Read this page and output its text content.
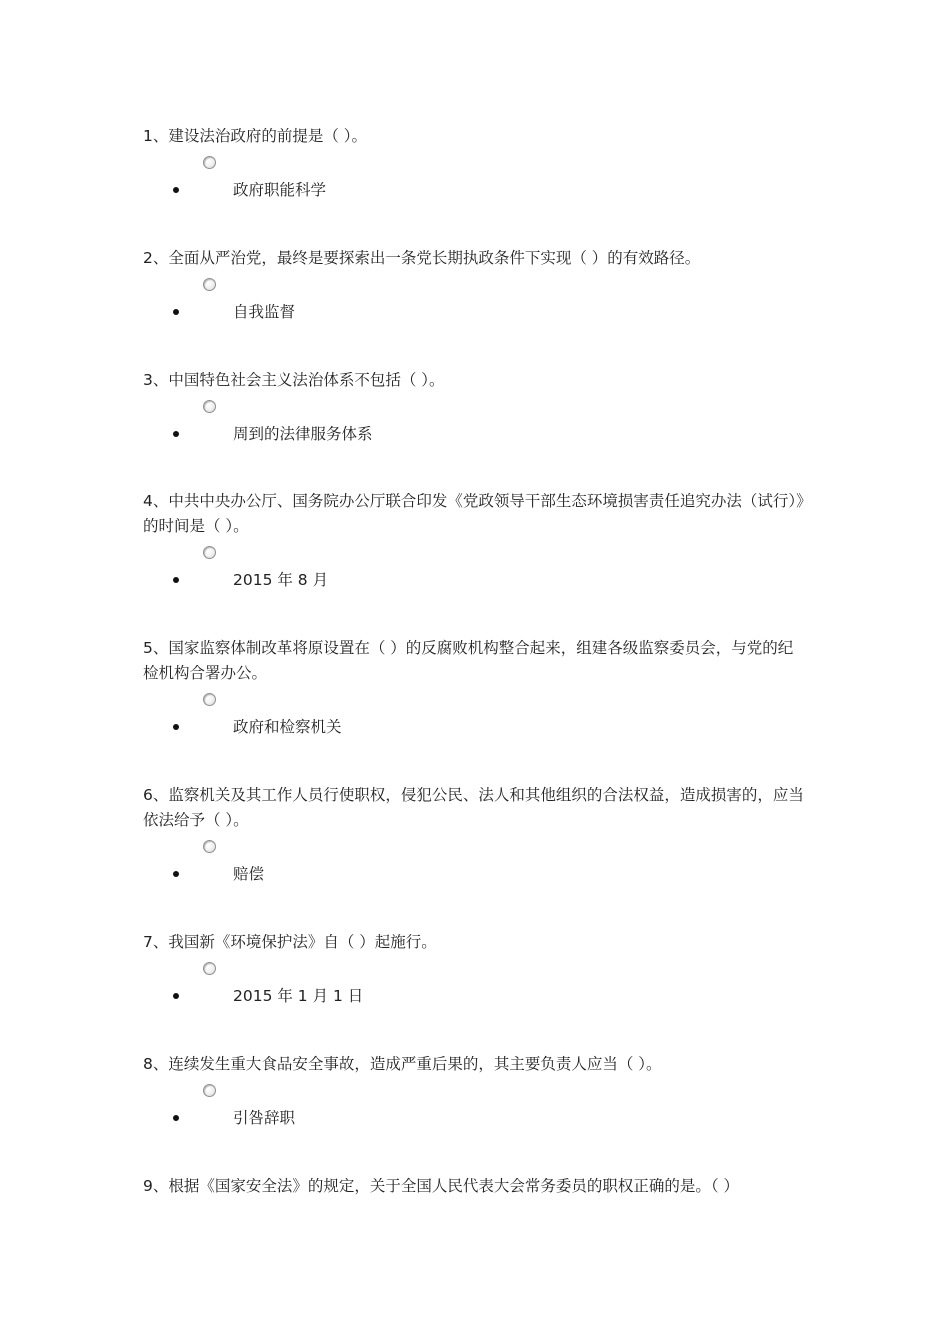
1、建设法治政府的前提是（ ）。

政府职能科学

2、全面从严治党，最终是要探索出一条党长期执政条件下实现（ ）的有效路径。

自我监督

3、中国特色社会主义法治体系不包括（ ）。

周到的法律服务体系

4、中共中央办公厅、国务院办公厅联合印发《党政领导干部生态环境损害责任追究办法（试行）》的时间是（ ）。

2015 年 8 月

5、国家监察体制改革将原设置在（ ）的反腐败机构整合起来，组建各级监察委员会，与党的纪检机构合署办公。

政府和检察机关

6、监察机关及其工作人员行使职权，侵犯公民、法人和其他组织的合法权益，造成损害的，应当依法给予（ ）。

赔偿

7、我国新《环境保护法》自（ ）起施行。

2015 年 1 月 1 日

8、连续发生重大食品安全事故，造成严重后果的，其主要负责人应当（ ）。

引咎辞职

9、根据《国家安全法》的规定，关于全国人民代表大会常务委员的职权正确的是。（ ）
